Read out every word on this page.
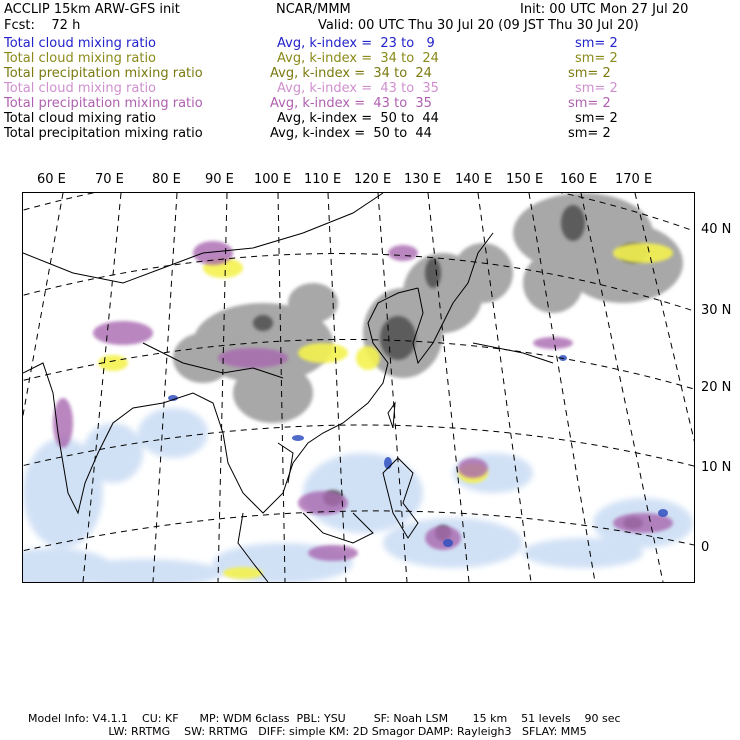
ACCLIP 15km ARW-GFS init	NCAR/MMM	Init: 00 UTC Mon 27 Jul 20
Fcst:    72 h	Valid: 00 UTC Thu 30 Jul 20 (09 JST Thu 30 Jul 20)
Total cloud mixing ratio	Avg, k-index =  23 to   9	sm= 2
Total cloud mixing ratio	Avg, k-index =  34 to  24	sm= 2
Total precipitation mixing ratio	Avg, k-index =  34 to  24	sm= 2
Total cloud mixing ratio	Avg, k-index =  43 to  35	sm= 2
Total precipitation mixing ratio	Avg, k-index =  43 to  35	sm= 2
Total cloud mixing ratio	Avg, k-index =  50 to  44	sm= 2
Total precipitation mixing ratio	Avg, k-index =  50 to  44	sm= 2
60 E 70 E 80 E 90 E 100 E 110 E 120 E 130 E 140 E 150 E 160 E 170 E
40 N
30 N
20 N
10 N
0
Model Info: V4.1.1    CU: KF      MP: WDM 6class  PBL: YSU        SF: Noah LSM       15 km    51 levels    90 sec
LW: RRTMG    SW: RRTMG   DIFF: simple KM: 2D Smagor DAMP: Rayleigh3   SFLAY: MM5
